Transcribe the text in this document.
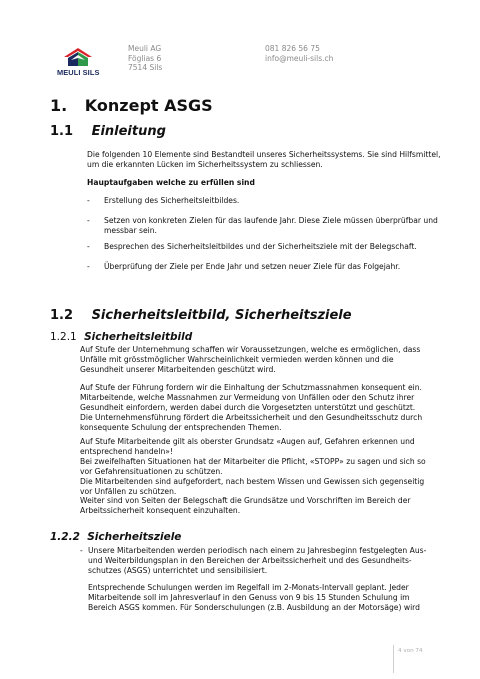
MEULI SILS
Meuli AG
Föglias 6
7514 Sils
081 826 56 75
info@meuli-sils.ch
1. Konzept ASGS
1.1 Einleitung

Die folgenden 10 Elemente sind Bestandteil unseres Sicherheitssystems. Sie sind Hilfsmittel,

um die erkannten Lücken im Sicherheitssystem zu schliessen.

Hauptaufgaben welche zu erfüllen sind
- Erstellung des Sicherheitsleitbildes.
- Setzen von konkreten Zielen für das laufende Jahr. Diese Ziele müssen überprüfbar und messbar sein.
- Besprechen des Sicherheitsleitbildes und der Sicherheitsziele mit der Belegschaft.
- Überprüfung der Ziele per Ende Jahr und setzen neuer Ziele für das Folgejahr.
1.2 Sicherheitsleitbild, Sicherheitsziele
1.2.1 Sicherheitsleitbild

Auf Stufe der Unternehmung schaffen wir Voraussetzungen, welche es ermöglichen, dass

Unfälle mit grösstmöglicher Wahrscheinlichkeit vermieden werden können und die

Gesundheit unserer Mitarbeitenden geschützt wird.

Auf Stufe der Führung fordern wir die Einhaltung der Schutzmassnahmen konsequent ein.

Mitarbeitende, welche Massnahmen zur Vermeidung von Unfällen oder den Schutz ihrer

Gesundheit einfordern, werden dabei durch die Vorgesetzten unterstützt und geschützt.

Die Unternehmensführung fördert die Arbeitssicherheit und den Gesundheitsschutz durch

konsequente Schulung der entsprechenden Themen.

Auf Stufe Mitarbeitende gilt als oberster Grundsatz «Augen auf, Gefahren erkennen und

entsprechend handeln»!

Bei zweifelhaften Situationen hat der Mitarbeiter die Pflicht, «STOPP» zu sagen und sich so

vor Gefahrensituationen zu schützen.

Die Mitarbeitenden sind aufgefordert, nach bestem Wissen und Gewissen sich gegenseitig

vor Unfällen zu schützen.

Weiter sind von Seiten der Belegschaft die Grundsätze und Vorschriften im Bereich der

Arbeitssicherheit konsequent einzuhalten.

1.2.2 Sicherheitsziele
- Unsere Mitarbeitenden werden periodisch nach einem zu Jahresbeginn festgelegten Aus-

und Weiterbildungsplan in den Bereichen der Arbeitssicherheit und des Gesundheits-

schutzes (ASGS) unterrichtet und sensibilisiert.

Entsprechende Schulungen werden im Regelfall im 2-Monats-Intervall geplant. Jeder

Mitarbeitende soll im Jahresverlauf in den Genuss von 9 bis 15 Stunden Schulung im

Bereich ASGS kommen. Für Sonderschulungen (z.B. Ausbildung an der Motorsäge) wird

4 von 74
